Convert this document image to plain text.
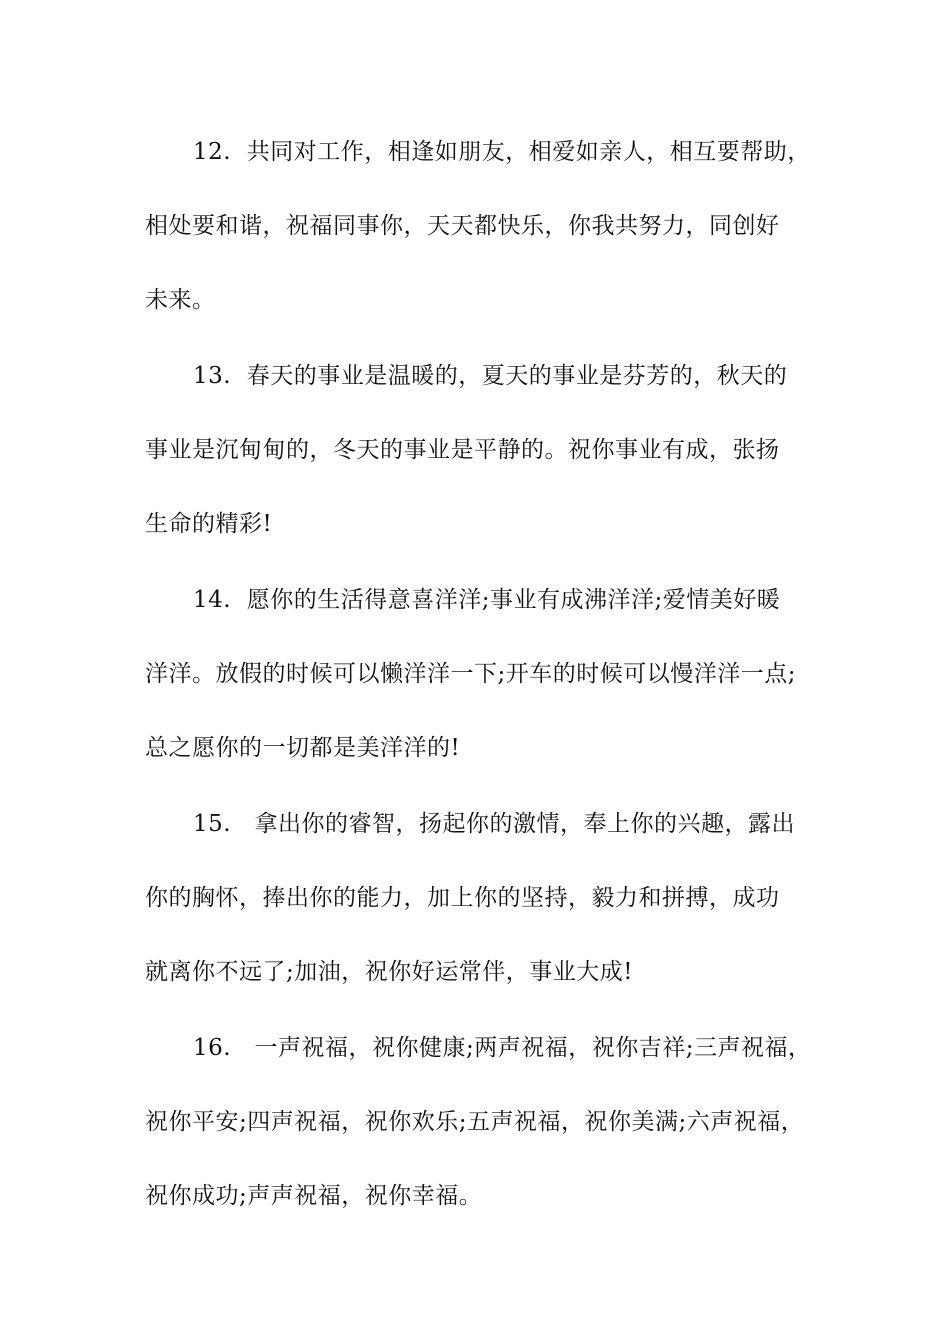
12. 共同对工作，相逢如朋友，相爱如亲人，相互要帮助，
相处要和谐，祝福同事你，天天都快乐，你我共努力，同创好
未来。
13. 春天的事业是温暖的，夏天的事业是芬芳的，秋天的
事业是沉甸甸的，冬天的事业是平静的。祝你事业有成，张扬
生命的精彩!
14. 愿你的生活得意喜洋洋;事业有成沸洋洋;爱情美好暖
洋洋。放假的时候可以懒洋洋一下;开车的时候可以慢洋洋一点;
总之愿你的一切都是美洋洋的!
15.   拿出你的睿智，扬起你的激情，奉上你的兴趣，露出
你的胸怀，捧出你的能力，加上你的坚持，毅力和拼搏，成功
就离你不远了;加油，祝你好运常伴，事业大成!
16.   一声祝福，祝你健康;两声祝福，祝你吉祥;三声祝福，
祝你平安;四声祝福，祝你欢乐;五声祝福，祝你美满;六声祝福，
祝你成功;声声祝福，祝你幸福。
